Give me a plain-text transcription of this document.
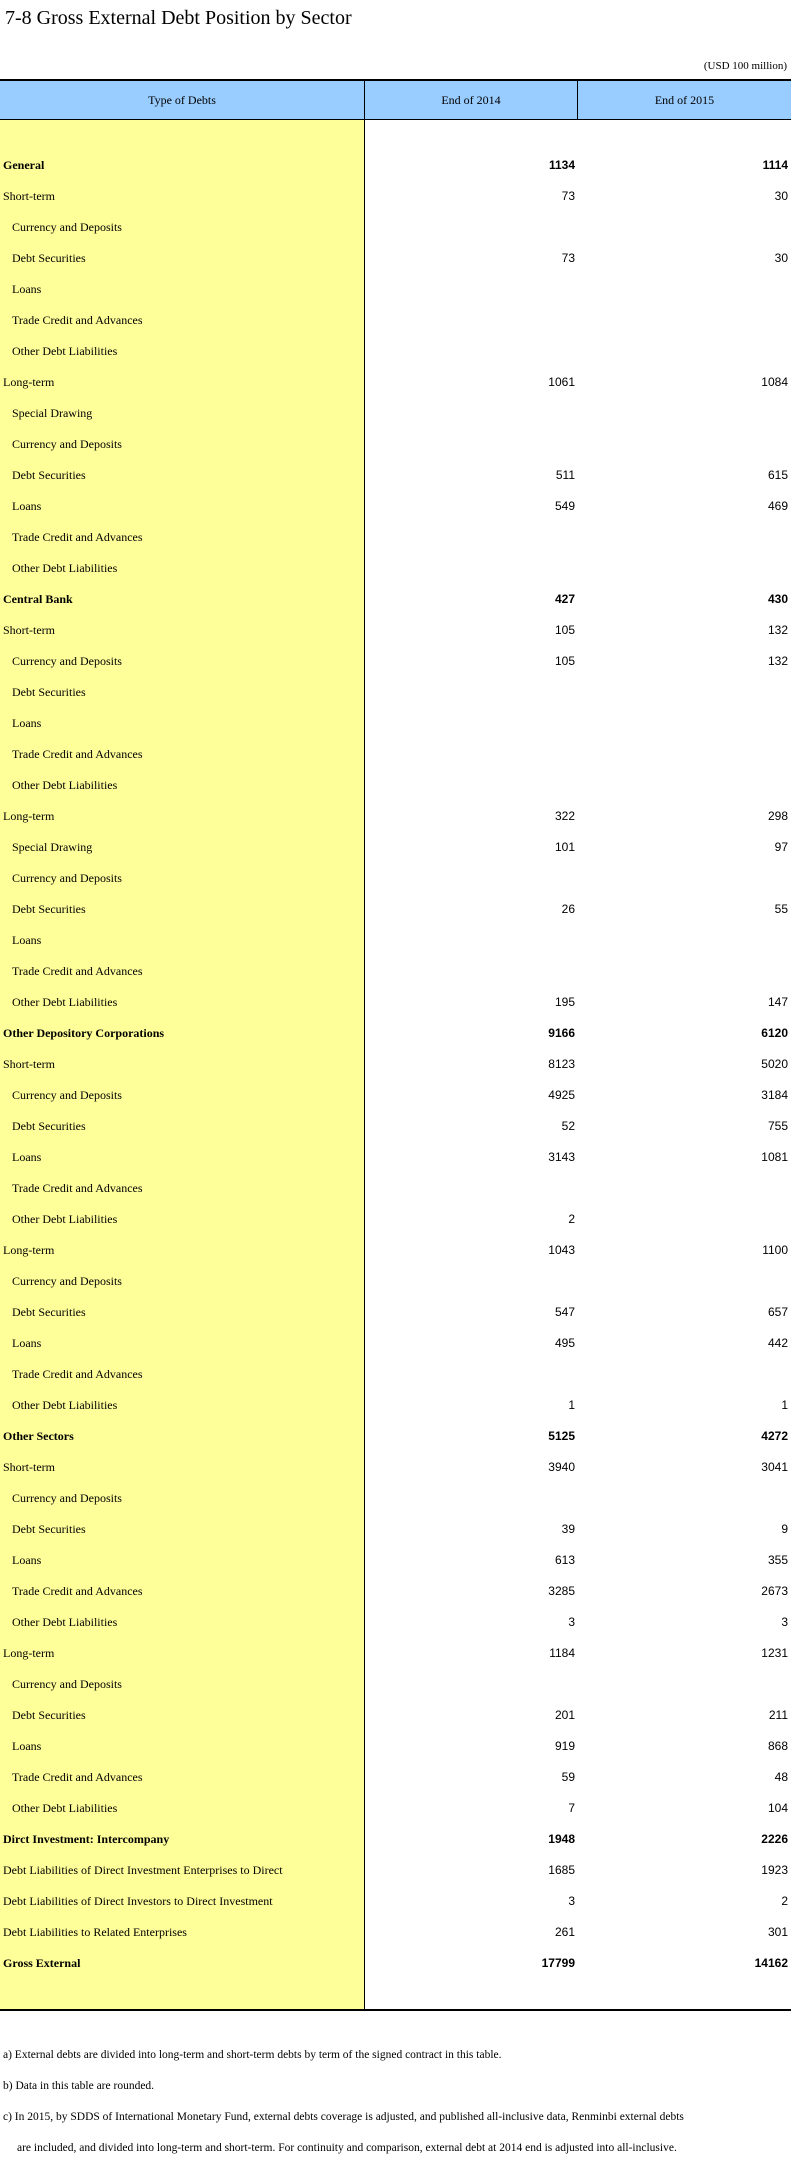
7-8 Gross External Debt Position by Sector
(USD 100 million)
Type of Debts	End of 2014	End of 2015
General	1134	1114
Short-term	73	30
Currency and Deposits
Debt Securities	73	30
Loans
Trade Credit and Advances
Other Debt Liabilities
Long-term	1061	1084
Special Drawing
Currency and Deposits
Debt Securities	511	615
Loans	549	469
Trade Credit and Advances
Other Debt Liabilities
Central Bank	427	430
Short-term	105	132
Currency and Deposits	105	132
Debt Securities
Loans
Trade Credit and Advances
Other Debt Liabilities
Long-term	322	298
Special Drawing	101	97
Currency and Deposits
Debt Securities	26	55
Loans
Trade Credit and Advances
Other Debt Liabilities	195	147
Other Depository Corporations	9166	6120
Short-term	8123	5020
Currency and Deposits	4925	3184
Debt Securities	52	755
Loans	3143	1081
Trade Credit and Advances
Other Debt Liabilities	2
Long-term	1043	1100
Currency and Deposits
Debt Securities	547	657
Loans	495	442
Trade Credit and Advances
Other Debt Liabilities	1	1
Other Sectors	5125	4272
Short-term	3940	3041
Currency and Deposits
Debt Securities	39	9
Loans	613	355
Trade Credit and Advances	3285	2673
Other Debt Liabilities	3	3
Long-term	1184	1231
Currency and Deposits
Debt Securities	201	211
Loans	919	868
Trade Credit and Advances	59	48
Other Debt Liabilities	7	104
Dirct Investment: Intercompany	1948	2226
Debt Liabilities of Direct Investment Enterprises to Direct	1685	1923
Debt Liabilities of Direct Investors to Direct Investment	3	2
Debt Liabilities to Related Enterprises	261	301
Gross External	17799	14162

a) External debts are divided into long-term and short-term debts by term of the signed contract in this table.

b) Data in this table are rounded.

c) In 2015, by SDDS of International Monetary Fund, external debts coverage is adjusted, and published all-inclusive data, Renminbi external debts

are included, and divided into long-term and short-term. For continuity and comparison, external debt at 2014 end is adjusted into all-inclusive.
